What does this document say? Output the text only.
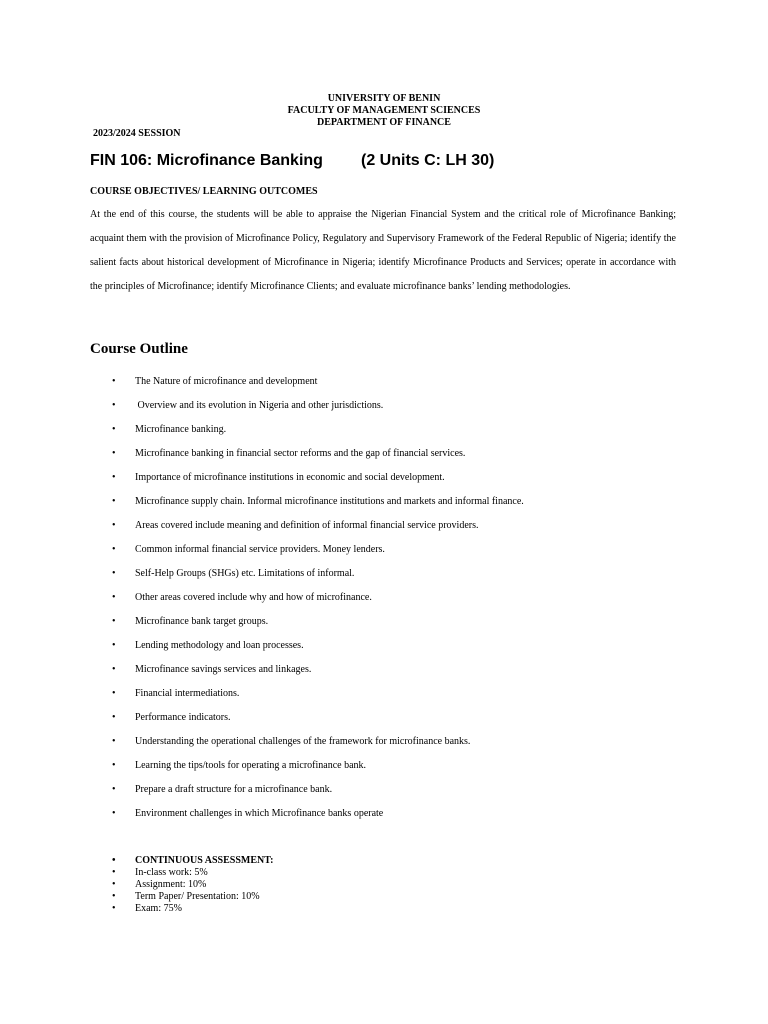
UNIVERSITY OF BENIN
FACULTY OF MANAGEMENT SCIENCES
DEPARTMENT OF FINANCE
2023/2024 SESSION
FIN 106: Microfinance Banking (2 Units C: LH 30)
COURSE OBJECTIVES/ LEARNING OUTCOMES
At the end of this course, the students will be able to appraise the Nigerian Financial System and the critical role of Microfinance Banking; acquaint them with the provision of Microfinance Policy, Regulatory and Supervisory Framework of the Federal Republic of Nigeria; identify the salient facts about historical development of Microfinance in Nigeria; identify Microfinance Products and Services; operate in accordance with the principles of Microfinance; identify Microfinance Clients; and evaluate microfinance banks’ lending methodologies.
Course Outline
• The Nature of microfinance and development
• Overview and its evolution in Nigeria and other jurisdictions.
• Microfinance banking.
• Microfinance banking in financial sector reforms and the gap of financial services.
• Importance of microfinance institutions in economic and social development.
• Microfinance supply chain. Informal microfinance institutions and markets and informal finance.
• Areas covered include meaning and definition of informal financial service providers.
• Common informal financial service providers. Money lenders.
• Self-Help Groups (SHGs) etc. Limitations of informal.
• Other areas covered include why and how of microfinance.
• Microfinance bank target groups.
• Lending methodology and loan processes.
• Microfinance savings services and linkages.
• Financial intermediations.
• Performance indicators.
• Understanding the operational challenges of the framework for microfinance banks.
• Learning the tips/tools for operating a microfinance bank.
• Prepare a draft structure for a microfinance bank.
• Environment challenges in which Microfinance banks operate
• CONTINUOUS ASSESSMENT:
• In-class work: 5%
• Assignment: 10%
• Term Paper/ Presentation: 10%
• Exam: 75%
